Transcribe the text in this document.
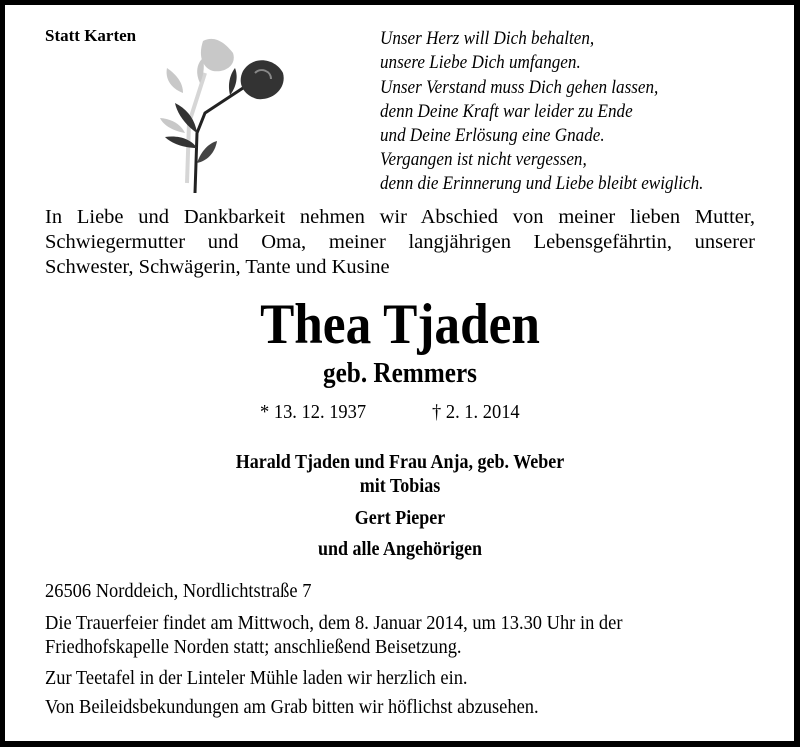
Statt Karten	Unser Herz will Dich behalten,
unsere Liebe Dich umfangen.
Unser Verstand muss Dich gehen lassen,
denn Deine Kraft war leider zu Ende
und Deine Erlösung eine Gnade.
Vergangen ist nicht vergessen,
denn die Erinnerung und Liebe bleibt ewiglich.
In Liebe und Dankbarkeit nehmen wir Abschied von meiner lieben Mutter,
Schwiegermutter und Oma, meiner langjährigen Lebensgefährtin, unserer
Schwester, Schwägerin, Tante und Kusine
Thea Tjaden
geb. Remmers
* 13. 12. 1937	† 2. 1. 2014
Harald Tjaden und Frau Anja, geb. Weber
mit Tobias
Gert Pieper
und alle Angehörigen
26506 Norddeich, Nordlichtstraße 7
Die Trauerfeier findet am Mittwoch, dem 8. Januar 2014, um 13.30 Uhr in der
Friedhofskapelle Norden statt; anschließend Beisetzung.
Zur Teetafel in der Linteler Mühle laden wir herzlich ein.
Von Beileidsbekundungen am Grab bitten wir höflichst abzusehen.
